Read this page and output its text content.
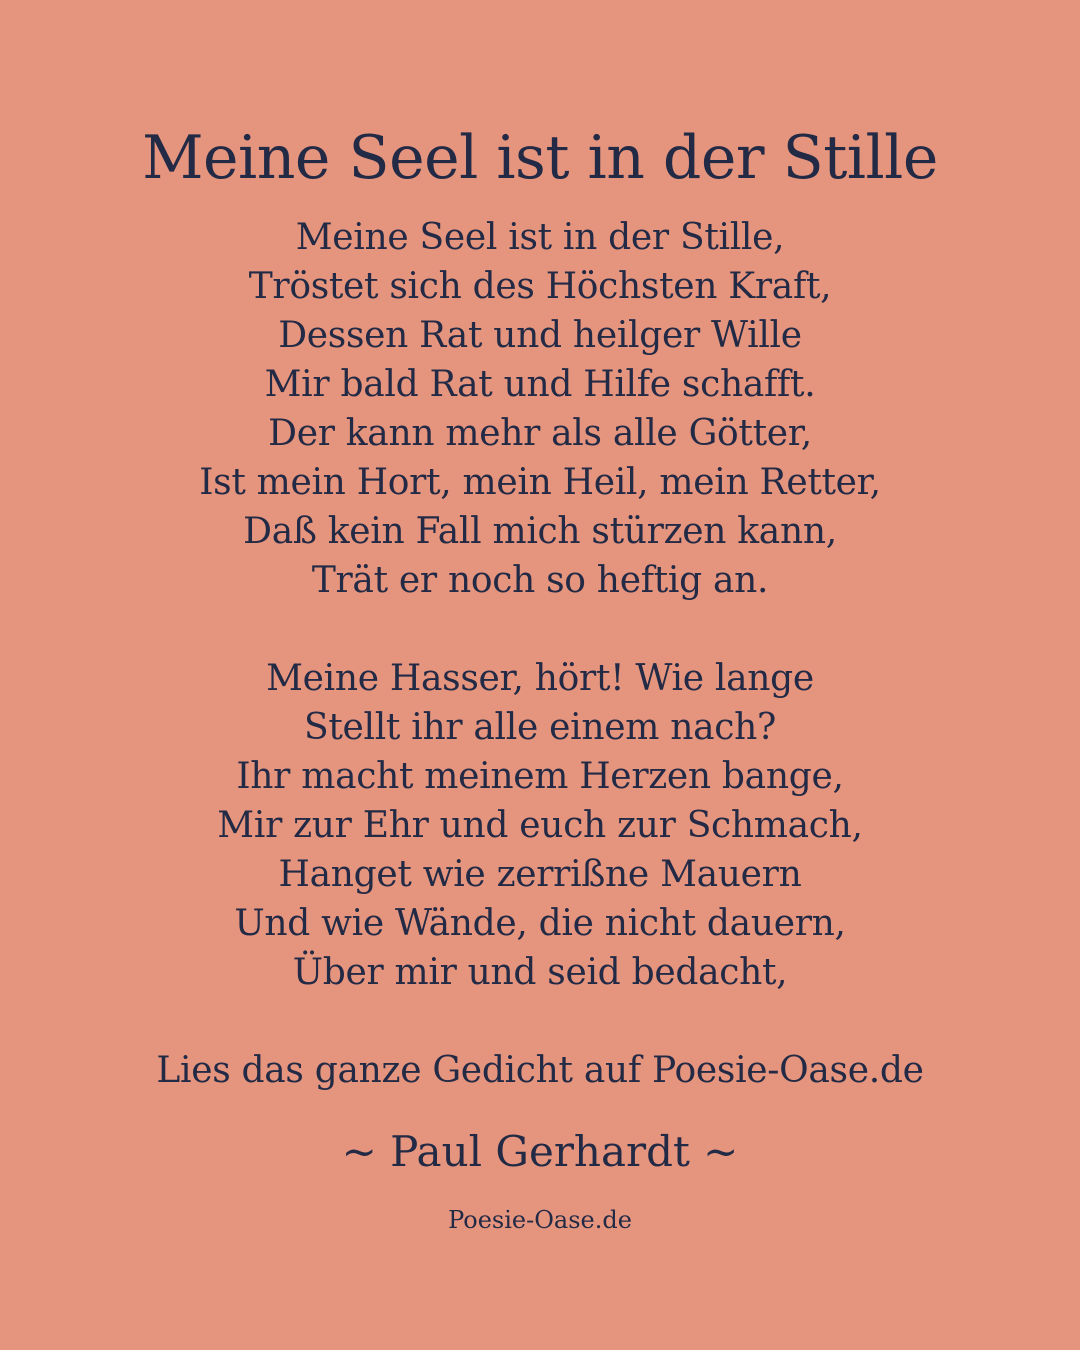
Meine Seel ist in der Stille
Meine Seel ist in der Stille,
Tröstet sich des Höchsten Kraft,
Dessen Rat und heilger Wille
Mir bald Rat und Hilfe schafft.
Der kann mehr als alle Götter,
Ist mein Hort, mein Heil, mein Retter,
Daß kein Fall mich stürzen kann,
Trät er noch so heftig an.
Meine Hasser, hört! Wie lange
Stellt ihr alle einem nach?
Ihr macht meinem Herzen bange,
Mir zur Ehr und euch zur Schmach,
Hanget wie zerrißne Mauern
Und wie Wände, die nicht dauern,
Über mir und seid bedacht,
Lies das ganze Gedicht auf Poesie-Oase.de
~ Paul Gerhardt ~
Poesie-Oase.de
